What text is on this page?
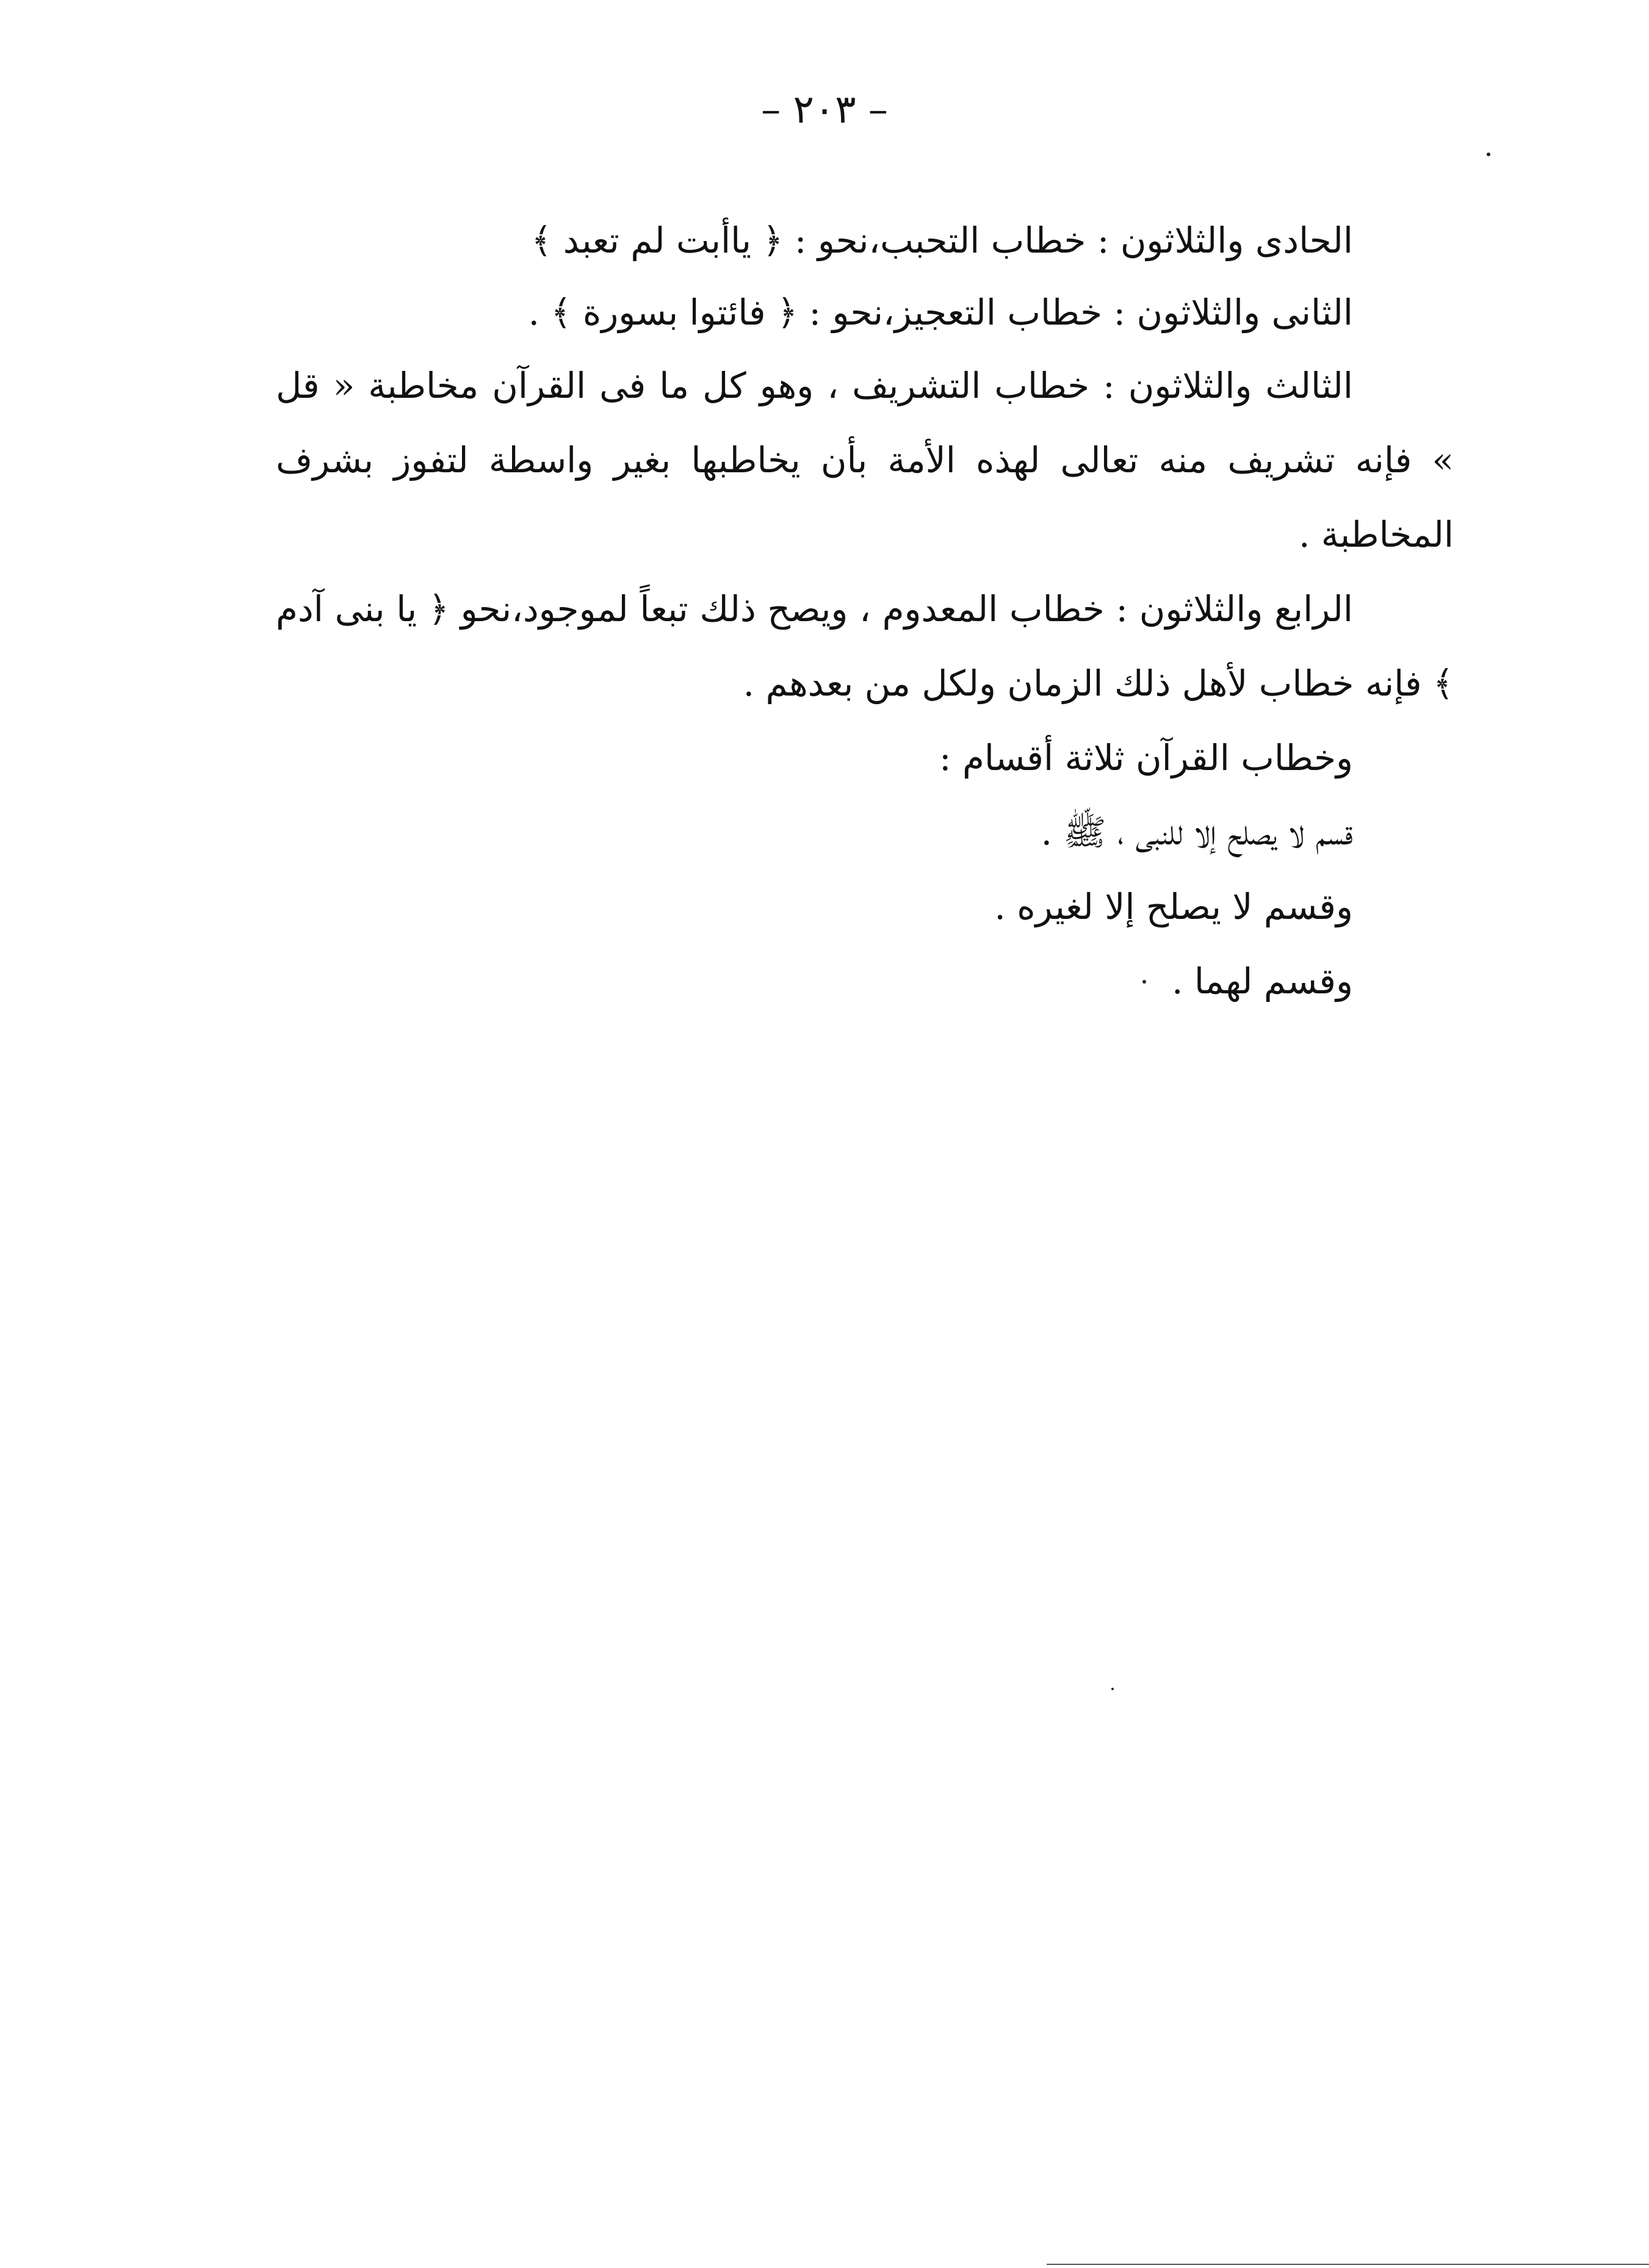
– ٢٠٣ –

الحادى والثلاثون : خطاب التحبب،نحو : ﴿ ياأبت لم تعبد ﴾

الثانى والثلاثون : خطاب التعجيز،نحو : ﴿ فائتوا بسورة ﴾ .

الثالث والثلاثون : خطاب التشريف ، وهو كل ما فى القرآن مخاطبة « قل » فإنه تشريف منه تعالى لهذه الأمة بأن يخاطبها بغير واسطة لتفوز بشرف المخاطبة .

الرابع والثلاثون : خطاب المعدوم ، ويصح ذلك تبعاً لموجود،نحو ﴿ يا بنى آدم ﴾ فإنه خطاب لأهل ذلك الزمان ولكل من بعدهم .

وخطاب القرآن ثلاثة أقسام :

قسم لا يصلح إلا للنبى ، ﷺ .

وقسم لا يصلح إلا لغيره .

وقسم لهما .
